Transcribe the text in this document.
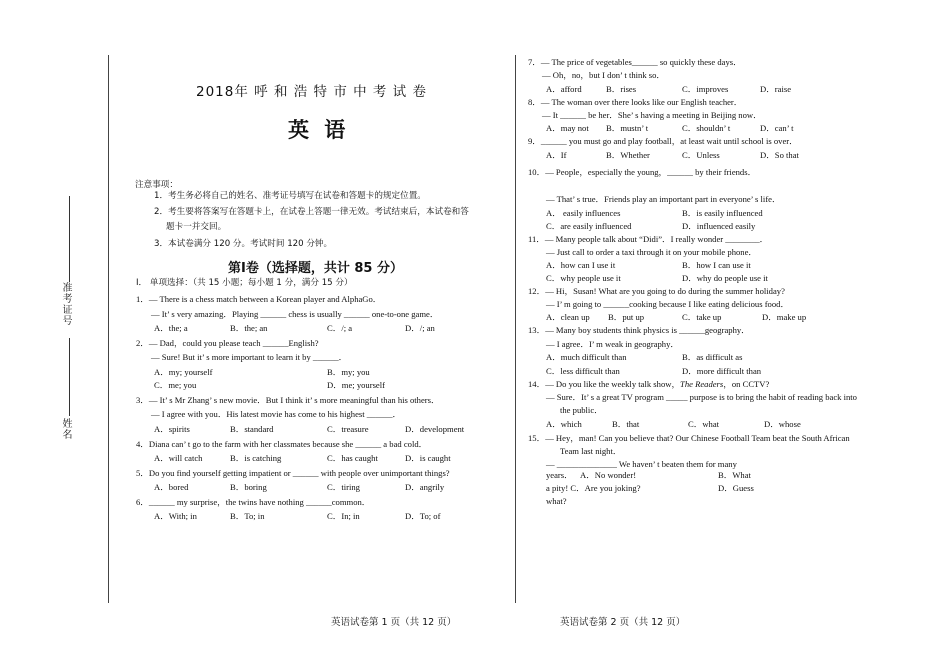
准考证号
姓名
2018年 呼 和 浩 特 市 中 考 试 卷
英 语
注意事项：
1．考生务必将自己的姓名、准考证号填写在试卷和答题卡的规定位置。
2．考生要将答案写在答题卡上，在试卷上答题一律无效。考试结束后，本试卷和答
题卡一并交回。
3．本试卷满分 120 分。考试时间 120 分钟。
第Ⅰ卷（选择题，共计 85 分）
Ⅰ． 单项选择：（共 15 小题；每小题 1 分，满分 15 分）
1．— There is a chess match between a Korean player and AlphaGo．
— It’ s very amazing．Playing ______ chess is usually ______ one-to-one game．
A．the; a	B．the; an	C．/; a	D．/; an
2．— Dad，could you please teach ______English?
— Sure! But it’ s more important to learn it by ______．
A．my; yourself	B．my; you
C．me; you	D．me; yourself
3．— It’ s Mr Zhang’ s new movie．But I think it’ s more meaningful than his others．
— I agree with you．His latest movie has come to his highest ______．
A．spirits	B．standard	C．treasure	D．development
4．Diana can’ t go to the farm with her classmates because she ______ a bad cold．
A．will catch	B．is catching	C．has caught	D．is caught
5．Do you find yourself getting impatient or ______ with people over unimportant things?
A．bored	B．boring	C．tiring	D．angrily
6．______ my surprise，the twins have nothing ______common．
A．With; in	B．To; in	C．In; in	D．To; of
英语试卷第 1 页（共 12 页）
7．— The price of vegetables______ so quickly these days．
— Oh，no，but I don’ t think so．
A．afford	B．rises	C．improves	D．raise
8．— The woman over there looks like our English teacher．
— It ______ be her．She’ s having a meeting in Beijing now．
A．may not B．mustn’ t	C．shouldn’ t	D．can’ t
9．______ you must go and play football，at least wait until school is over．
A．If	B．Whether	C．Unless	D．So that
10．— People，especially the young，______ by their friends．
— That’ s true．Friends play an important part in everyone’ s life．
A． easily influences	B．is easily influenced
C．are easily influenced	D．influenced easily
11．— Many people talk about “Didi”．I really wonder ________．
— Just call to order a taxi through it on your mobile phone．
A．how can I use it	B．how I can use it
C．why people use it	D．why do people use it
12．— Hi，Susan! What are you going to do during the summer holiday?
— I’ m going to ______cooking because I like eating delicious food．
A．clean up B．put up	C．take up	D．make up
13．— Many boy students think physics is ______geography．
— I agree．I’ m weak in geography．
A．much difficult than	B．as difficult as
C．less difficult than	D．more difficult than
14．— Do you like the weekly talk show，The Readers，on CCTV?
— Sure．It’ s a great TV program _____ purpose is to bring the habit of reading back into
the public．
A．which	B．that	C．what	D．whose
15．— Hey，man! Can you believe that? Our Chinese Football Team beat the South African
Team last night．
— ______________ We haven’ t beaten them for many
years． A．No wonder!	B．What
a pity! C．Are you joking?	D．Guess
what?
英语试卷第 2 页（共 12 页）
